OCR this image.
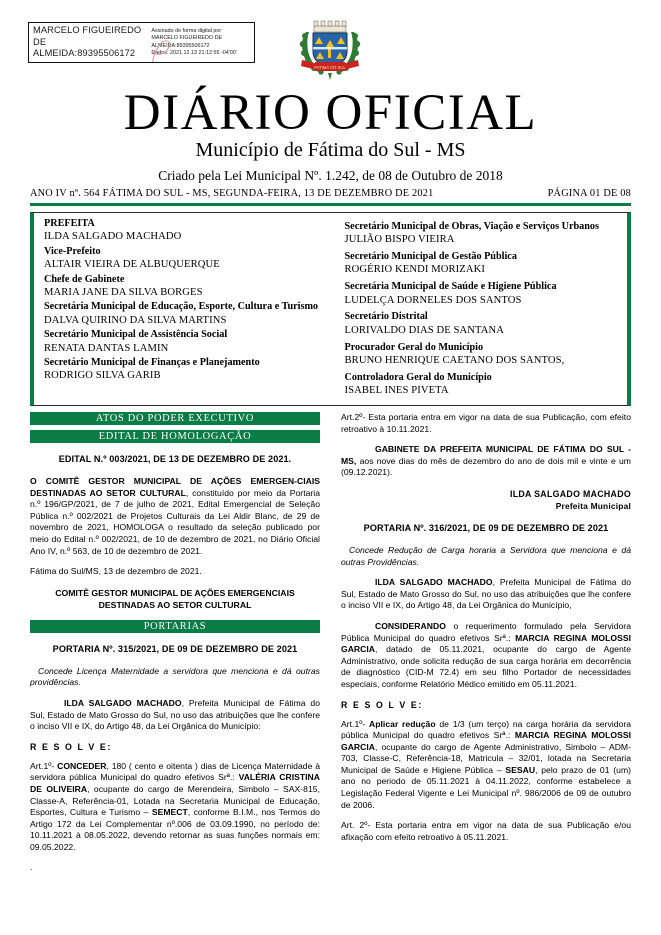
MARCELO FIGUEIREDO DE
ALMEIDA:89395506172
Assinado de forma digital por
MARCELO FIGUEIREDO DE
ALMEIDA:89395506172
Dados: 2021.12.13 21:12:55 -04'00'
FATIMA DO SUL
DIÁRIO OFICIAL
Município de Fátima do Sul - MS
Criado pela Lei Municipal Nº. 1.242, de 08 de Outubro de 2018
ANO IV nº. 564 FÁTIMA DO SUL - MS, SEGUNDA-FEIRA, 13 DE DEZEMBRO DE 2021	PÁGINA 01 DE 08
PREFEITA
ILDA SALGADO MACHADO
Vice-Prefeito
ALTAIR VIEIRA DE ALBUQUERQUE
Chefe de Gabinete
MARIA JANE DA SILVA BORGES
Secretária Municipal de Educação, Esporte, Cultura e Turismo
DALVA QUIRINO DA SILVA MARTINS
Secretário Municipal de Assistência Social
RENATA DANTAS LAMIN
Secretário Municipal de Finanças e Planejamento
RODRIGO SILVA GARIB
Secretário Municipal de Obras, Viação e Serviços Urbanos
JULIÃO BISPO VIEIRA
Secretário Municipal de Gestão Pública
ROGÉRIO KENDI MORIZAKI
Secretária Municipal de Saúde e Higiene Pública
LUDELÇA DORNELES DOS SANTOS
Secretário Distrital
LORIVALDO DIAS DE SANTANA
Procurador Geral do Município
BRUNO HENRIQUE CAETANO DOS SANTOS,
Controladora Geral do Município
ISABEL INES PIVETA
ATOS DO PODER EXECUTIVO
EDITAL DE HOMOLOGAÇÃO
EDITAL N.º 003/2021, DE 13 DE DEZEMBRO DE 2021.

O COMITÊ GESTOR MUNICIPAL DE AÇÕES EMERGEN-CIAIS DESTINADAS AO SETOR CULTURAL, constituído por meio da Portaria n.º 196/GP/2021, de 7 de julho de 2021, Edital Emergencial de Seleção Pública n.º 002/2021 de Projetos Culturais da Lei Aldir Blanc, de 29 de novembro de 2021, HOMOLOGA o resultado da seleção publicado por meio do Edital n.º 002/2021, de 10 de dezembro de 2021, no Diário Oficial Ano IV, n.º 563, de 10 de dezembro de 2021.

Fátima do Sul/MS, 13 de dezembro de 2021.

COMITÊ GESTOR MUNICIPAL DE AÇÕES EMERGENCIAIS DESTINADAS AO SETOR CULTURAL
PORTARIAS
PORTARIA Nº. 315/2021, DE 09 DE DEZEMBRO DE 2021

Concede Licença Maternidade a servidora que menciona e dá outras providências.

ILDA SALGADO MACHADO, Prefeita Municipal de Fátima do Sul, Estado de Mato Grosso do Sul, no uso das atribuições que lhe confere o inciso VII e IX, do Artigo 48, da Lei Orgânica do Município:

R E S O L V E:

Art.1º- CONCEDER, 180 ( cento e oitenta ) dias de Licença Maternidade à servidora pública Municipal do quadro efetivos Srª.: VALÉRIA CRISTINA DE OLIVEIRA, ocupante do cargo de Merendeira, Simbolo – SAX-815, Classe-A, Referência-01, Lotada na Secretaria Municipal de Educação, Esportes, Cultura e Turismo – SEMECT, conforme B.I.M., nos Termos do Artigo 172 da Lei Complementar nº.006 de 03.09.1990, no período de: 10.11.2021 à 08.05.2022, devendo retornar as suas funções normais em: 09.05.2022.

.

Art.2º- Esta portaria entra em vigor na data de sua Publicação, com efeito retroativo à 10.11.2021.

GABINETE DA PREFEITA MUNICIPAL DE FÁTIMA DO SUL - MS, aos nove dias do mês de dezembro do ano de dois mil e vinte e um (09.12.2021).

ILDA SALGADO MACHADO
Prefeita Municipal
PORTARIA Nº. 316/2021, DE 09 DE DEZEMBRO DE 2021

Concede Redução de Carga horaria a Servidora que menciona e dá outras Providências.

ILDA SALGADO MACHADO, Prefeita Municipal de Fátima do Sul, Estado de Mato Grosso do Sul, no uso das atribuições que lhe confere o inciso VII e IX, do Artigo 48, da Lei Orgânica do Município,

CONSIDERANDO o requerimento formulado pela Servidora Pública Municipal do quadro efetivos Srª.: MARCIA REGINA MOLOSSI GARCIA, datado de 05.11.2021, ocupante do cargo de Agente Administrativo, onde solicita redução de sua carga horária em decorrência de diagnóstico (CID-M 72.4) em seu filho Portador de necessidades especiais, conforme Relatório Médico emitido em 05.11.2021.

R E S O L V E:

Art.1º- Aplicar redução de 1/3 (um terço) na carga horária da servidora pública Municipal do quadro efetivos Srª.: MARCIA REGINA MOLOSSI GARCIA, ocupante do cargo de Agente Administrativo, Simbolo – ADM-703, Classe-C, Referência-18, Matricula – 32/01, lotada na Secretaria Municipal de Saúde e Higiene Pública – SESAU, pelo prazo de 01 (um) ano no periodo de 05.11.2021 à 04.11.2022, conforme estabelece a Legislação Federal Vigente e Lei Municipal nº. 986/2006 de 09 de outubro de 2006.

Art. 2º- Esta portaria entra em vigor na data de sua Publicação e/ou afixação com efeito retroativo à 05.11.2021.
